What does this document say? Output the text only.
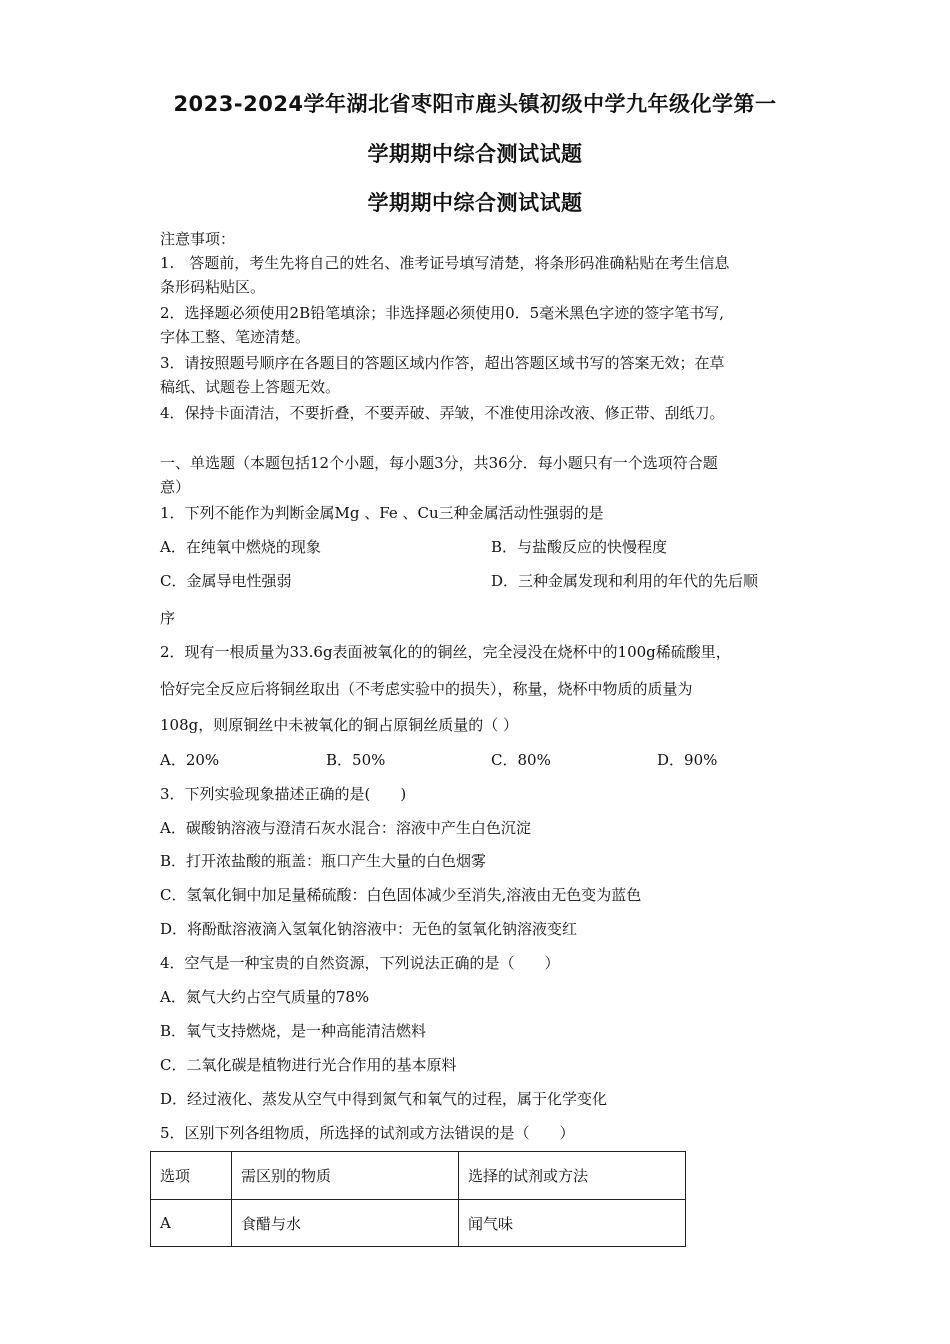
2023-2024学年湖北省枣阳市鹿头镇初级中学九年级化学第一
学期期中综合测试试题
学期期中综合测试试题
注意事项：
1.　答题前，考生先将自己的姓名、准考证号填写清楚，将条形码准确粘贴在考生信息
条形码粘贴区。
2．选择题必须使用2B铅笔填涂；非选择题必须使用0．5毫米黑色字迹的签字笔书写,
字体工整、笔迹清楚。
3．请按照题号顺序在各题目的答题区域内作答，超出答题区域书写的答案无效；在草
稿纸、试题卷上答题无效。
4．保持卡面清洁，不要折叠，不要弄破、弄皱，不准使用涂改液、修正带、刮纸刀。
一、单选题（本题包括12个小题，每小题3分，共36分．每小题只有一个选项符合题
意）
1．下列不能作为判断金属Mg 、Fe 、Cu三种金属活动性强弱的是
A．在纯氧中燃烧的现象	B．与盐酸反应的快慢程度
C．金属导电性强弱	D．三种金属发现和利用的年代的先后顺
序
2．现有一根质量为33.6g表面被氧化的的铜丝，完全浸没在烧杯中的100g稀硫酸里，
恰好完全反应后将铜丝取出（不考虑实验中的损失），称量，烧杯中物质的质量为
108g，则原铜丝中未被氧化的铜占原铜丝质量的（ ）
A．20%	B．50%	C．80%	D．90%
3．下列实验现象描述正确的是(　　)
A．碳酸钠溶液与澄清石灰水混合：溶液中产生白色沉淀
B．打开浓盐酸的瓶盖：瓶口产生大量的白色烟雾
C．氢氧化铜中加足量稀硫酸：白色固体减少至消失,溶液由无色变为蓝色
D．将酚酞溶液滴入氢氧化钠溶液中：无色的氢氧化钠溶液变红
4．空气是一种宝贵的自然资源，下列说法正确的是（　　）
A．氮气大约占空气质量的78%
B．氧气支持燃烧，是一种高能清洁燃料
C．二氧化碳是植物进行光合作用的基本原料
D．经过液化、蒸发从空气中得到氮气和氧气的过程，属于化学变化
5．区别下列各组物质，所选择的试剂或方法错误的是（　　）
选项	需区别的物质	选择的试剂或方法
A	食醋与水	闻气味
